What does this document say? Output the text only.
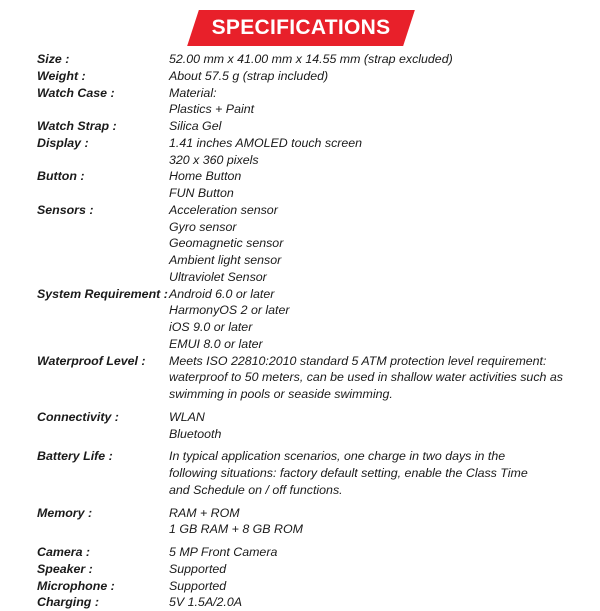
SPECIFICATIONS
Size :	52.00 mm x 41.00 mm x 14.55 mm (strap excluded)
Weight :	About 57.5 g (strap included)
Watch Case :	Material:
Plastics + Paint
Watch Strap :	Silica Gel
Display :	1.41 inches AMOLED touch screen
320 x 360 pixels
Button :	Home Button
FUN Button
Sensors :	Acceleration sensor
Gyro sensor
Geomagnetic sensor
Ambient light sensor
Ultraviolet Sensor
System Requirement : Android 6.0 or later
HarmonyOS 2 or later
iOS 9.0 or later
EMUI 8.0 or later
Waterproof Level :	Meets ISO 22810:2010 standard 5 ATM protection level requirement:
waterproof to 50 meters, can be used in shallow water activities such as
swimming in pools or seaside swimming.
Connectivity :	WLAN
Bluetooth
Battery Life :	In typical application scenarios, one charge in two days in the
following situations: factory default setting, enable the Class Time
and Schedule on / off functions.
Memory :	RAM + ROM
1 GB RAM + 8 GB ROM
Camera :	5 MP Front Camera
Speaker :	Supported
Microphone :	Supported
Charging :	5V 1.5A/2.0A
